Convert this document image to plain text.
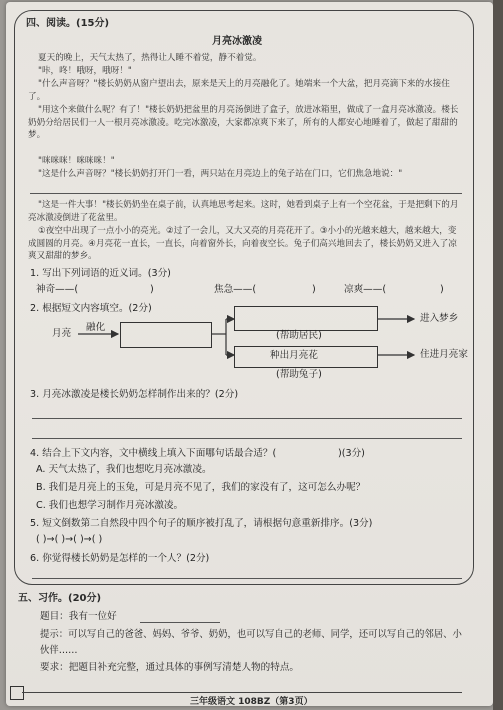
四、阅读。(15分)
月亮冰激凌
夏天的晚上，天气太热了，热得让人睡不着觉，静不着觉。
"咔，咚！哦呀，哦呀！"
"什么声音呀？"楼长奶奶从窗户望出去，原来是天上的月亮融化了。她端来一个大盆，把月亮滴下来的水接住了。
"用这个来做什么呢？有了！"楼长奶奶把盆里的月亮汤倒进了盒子，放进冰箱里，做成了一盒月亮冰激凌。楼长奶奶分给居民们一人一根月亮冰激凌。吃完冰激凌，大家都凉爽下来了，所有的人都安心地睡着了，做起了甜甜的梦。
"咪咪咪！咪咪咪！"
"这是什么声音呀？"楼长奶奶打开门一看，两只站在月亮边上的兔子站在门口，它们焦急地说："
"这是一件大事！"楼长奶奶坐在桌子前，认真地思考起来。这时，她看到桌子上有一个空花盆，于是把剩下的月亮冰激凌倒进了花盆里。
①夜空中出现了一点小小的亮光。②过了一会儿，又大又亮的月亮花开了。③小小的光越来越大，越来越大，变成圆圆的月亮。④月亮花一直长，一直长，向着窗外长，向着夜空长。兔子们高兴地回去了，楼长奶奶又进入了凉爽又甜甜的梦乡。
1. 写出下列词语的近义词。(3分)
神奇——(	)	焦急——(	)	凉爽——(	)
2. 根据短文内容填空。(2分)
月亮
融化
(帮助居民)
种出月亮花
(帮助兔子)
进入梦乡
住进月亮家
3. 月亮冰激凌是楼长奶奶怎样制作出来的？(2分)
4. 结合上下文内容，文中横线上填入下面哪句话最合适？(	)(3分)
A. 天气太热了，我们也想吃月亮冰激凌。
B. 我们是月亮上的玉兔，可是月亮不见了，我们的家没有了，这可怎么办呢？
C. 我们也想学习制作月亮冰激凌。
5. 短文倒数第二自然段中四个句子的顺序被打乱了，请根据句意重新排序。(3分)
( )→( )→( )→( )
6. 你觉得楼长奶奶是怎样的一个人？(2分)
五、习作。(20分)
题目：我有一位好
提示：可以写自己的爸爸、妈妈、爷爷、奶奶，也可以写自己的老师、同学，还可以写自己的邻居、小伙伴……
要求：把题目补充完整，通过具体的事例写清楚人物的特点。
三年级语文 108BZ（第3页）
